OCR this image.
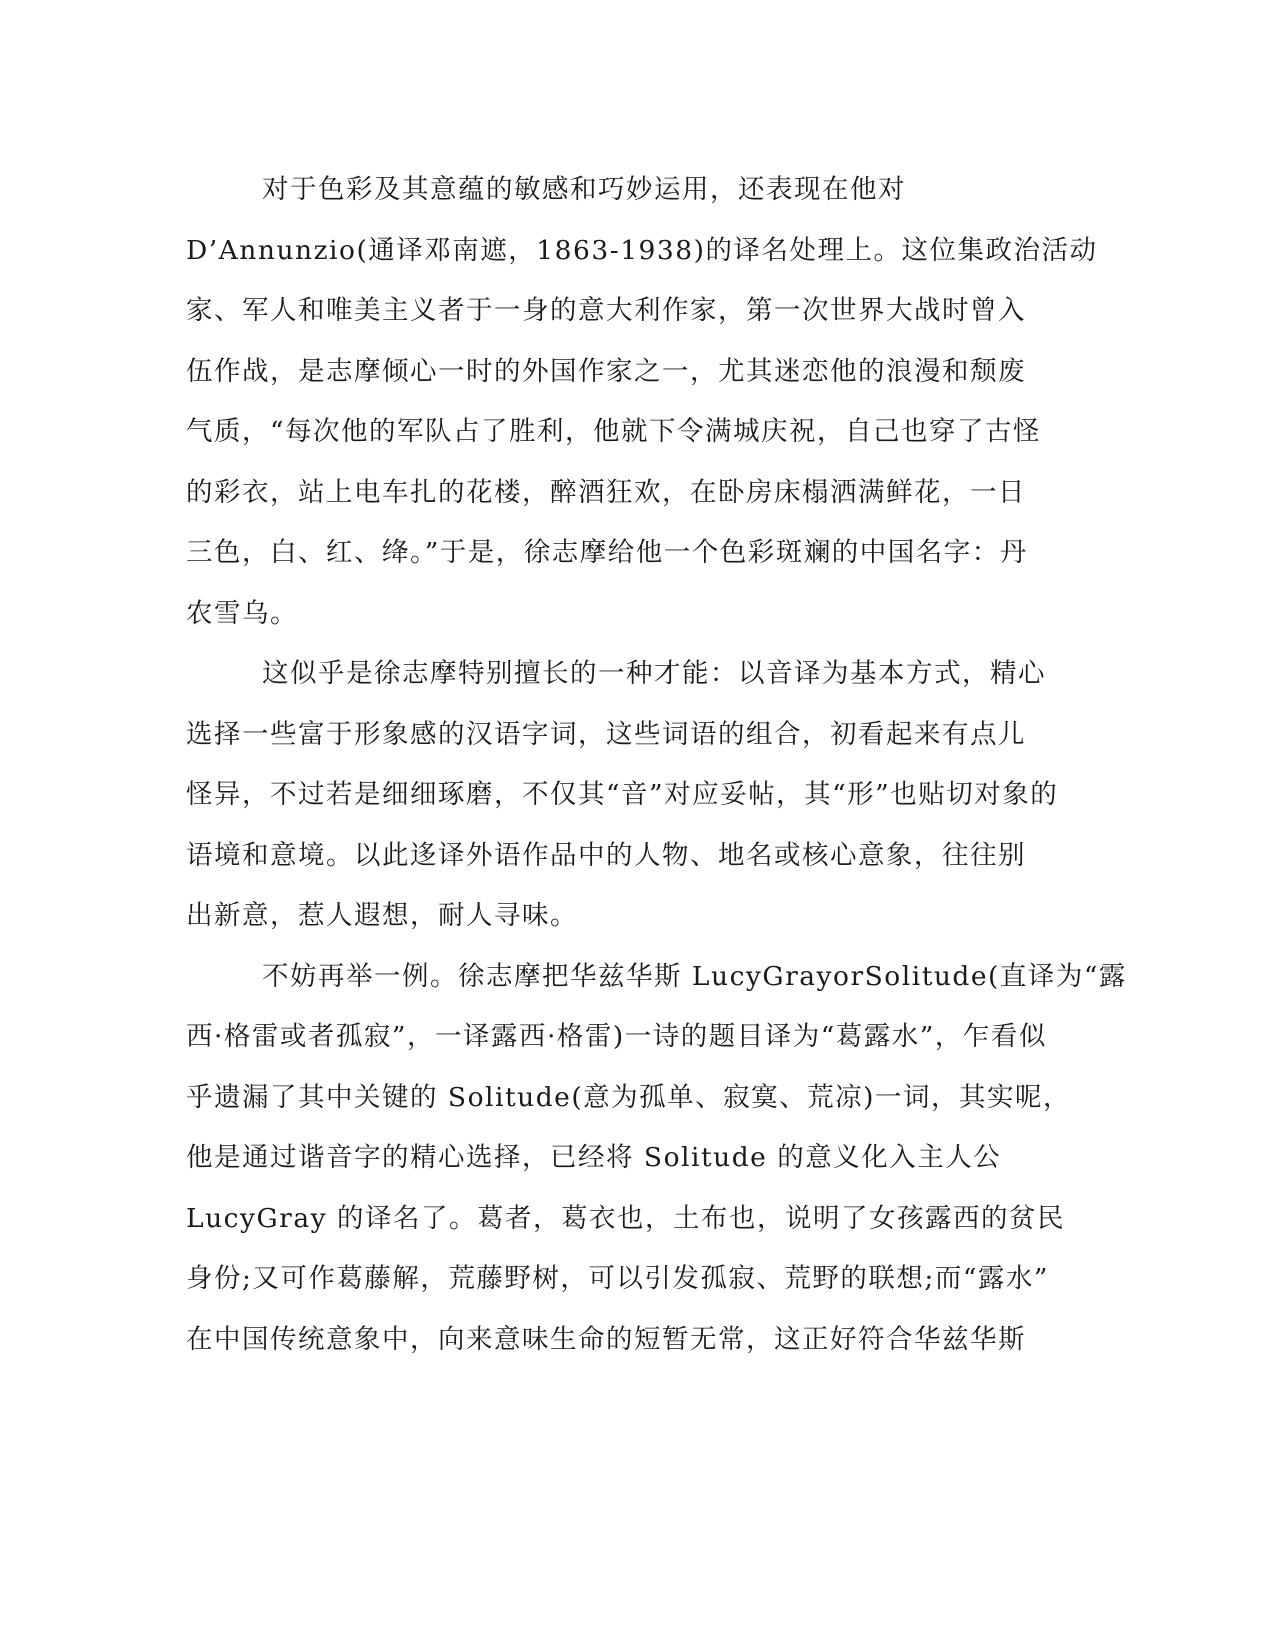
对于色彩及其意蕴的敏感和巧妙运用，还表现在他对
D’Annunzio(通译邓南遮，1863-1938)的译名处理上。这位集政治活动
家、军人和唯美主义者于一身的意大利作家，第一次世界大战时曾入
伍作战，是志摩倾心一时的外国作家之一，尤其迷恋他的浪漫和颓废
气质，“每次他的军队占了胜利，他就下令满城庆祝，自己也穿了古怪
的彩衣，站上电车扎的花楼，醉酒狂欢，在卧房床榻洒满鲜花，一日
三色，白、红、绛。”于是，徐志摩给他一个色彩斑斓的中国名字：丹
农雪乌。
这似乎是徐志摩特别擅长的一种才能：以音译为基本方式，精心
选择一些富于形象感的汉语字词，这些词语的组合，初看起来有点儿
怪异，不过若是细细琢磨，不仅其“音”对应妥帖，其“形”也贴切对象的
语境和意境。以此迻译外语作品中的人物、地名或核心意象，往往别
出新意，惹人遐想，耐人寻味。
不妨再举一例。徐志摩把华兹华斯 LucyGrayorSolitude(直译为“露
西·格雷或者孤寂”，一译露西·格雷)一诗的题目译为“葛露水”，乍看似
乎遗漏了其中关键的 Solitude(意为孤单、寂寞、荒凉)一词，其实呢，
他是通过谐音字的精心选择，已经将 Solitude 的意义化入主人公
LucyGray 的译名了。葛者，葛衣也，土布也，说明了女孩露西的贫民
身份;又可作葛藤解，荒藤野树，可以引发孤寂、荒野的联想;而“露水”
在中国传统意象中，向来意味生命的短暂无常，这正好符合华兹华斯
